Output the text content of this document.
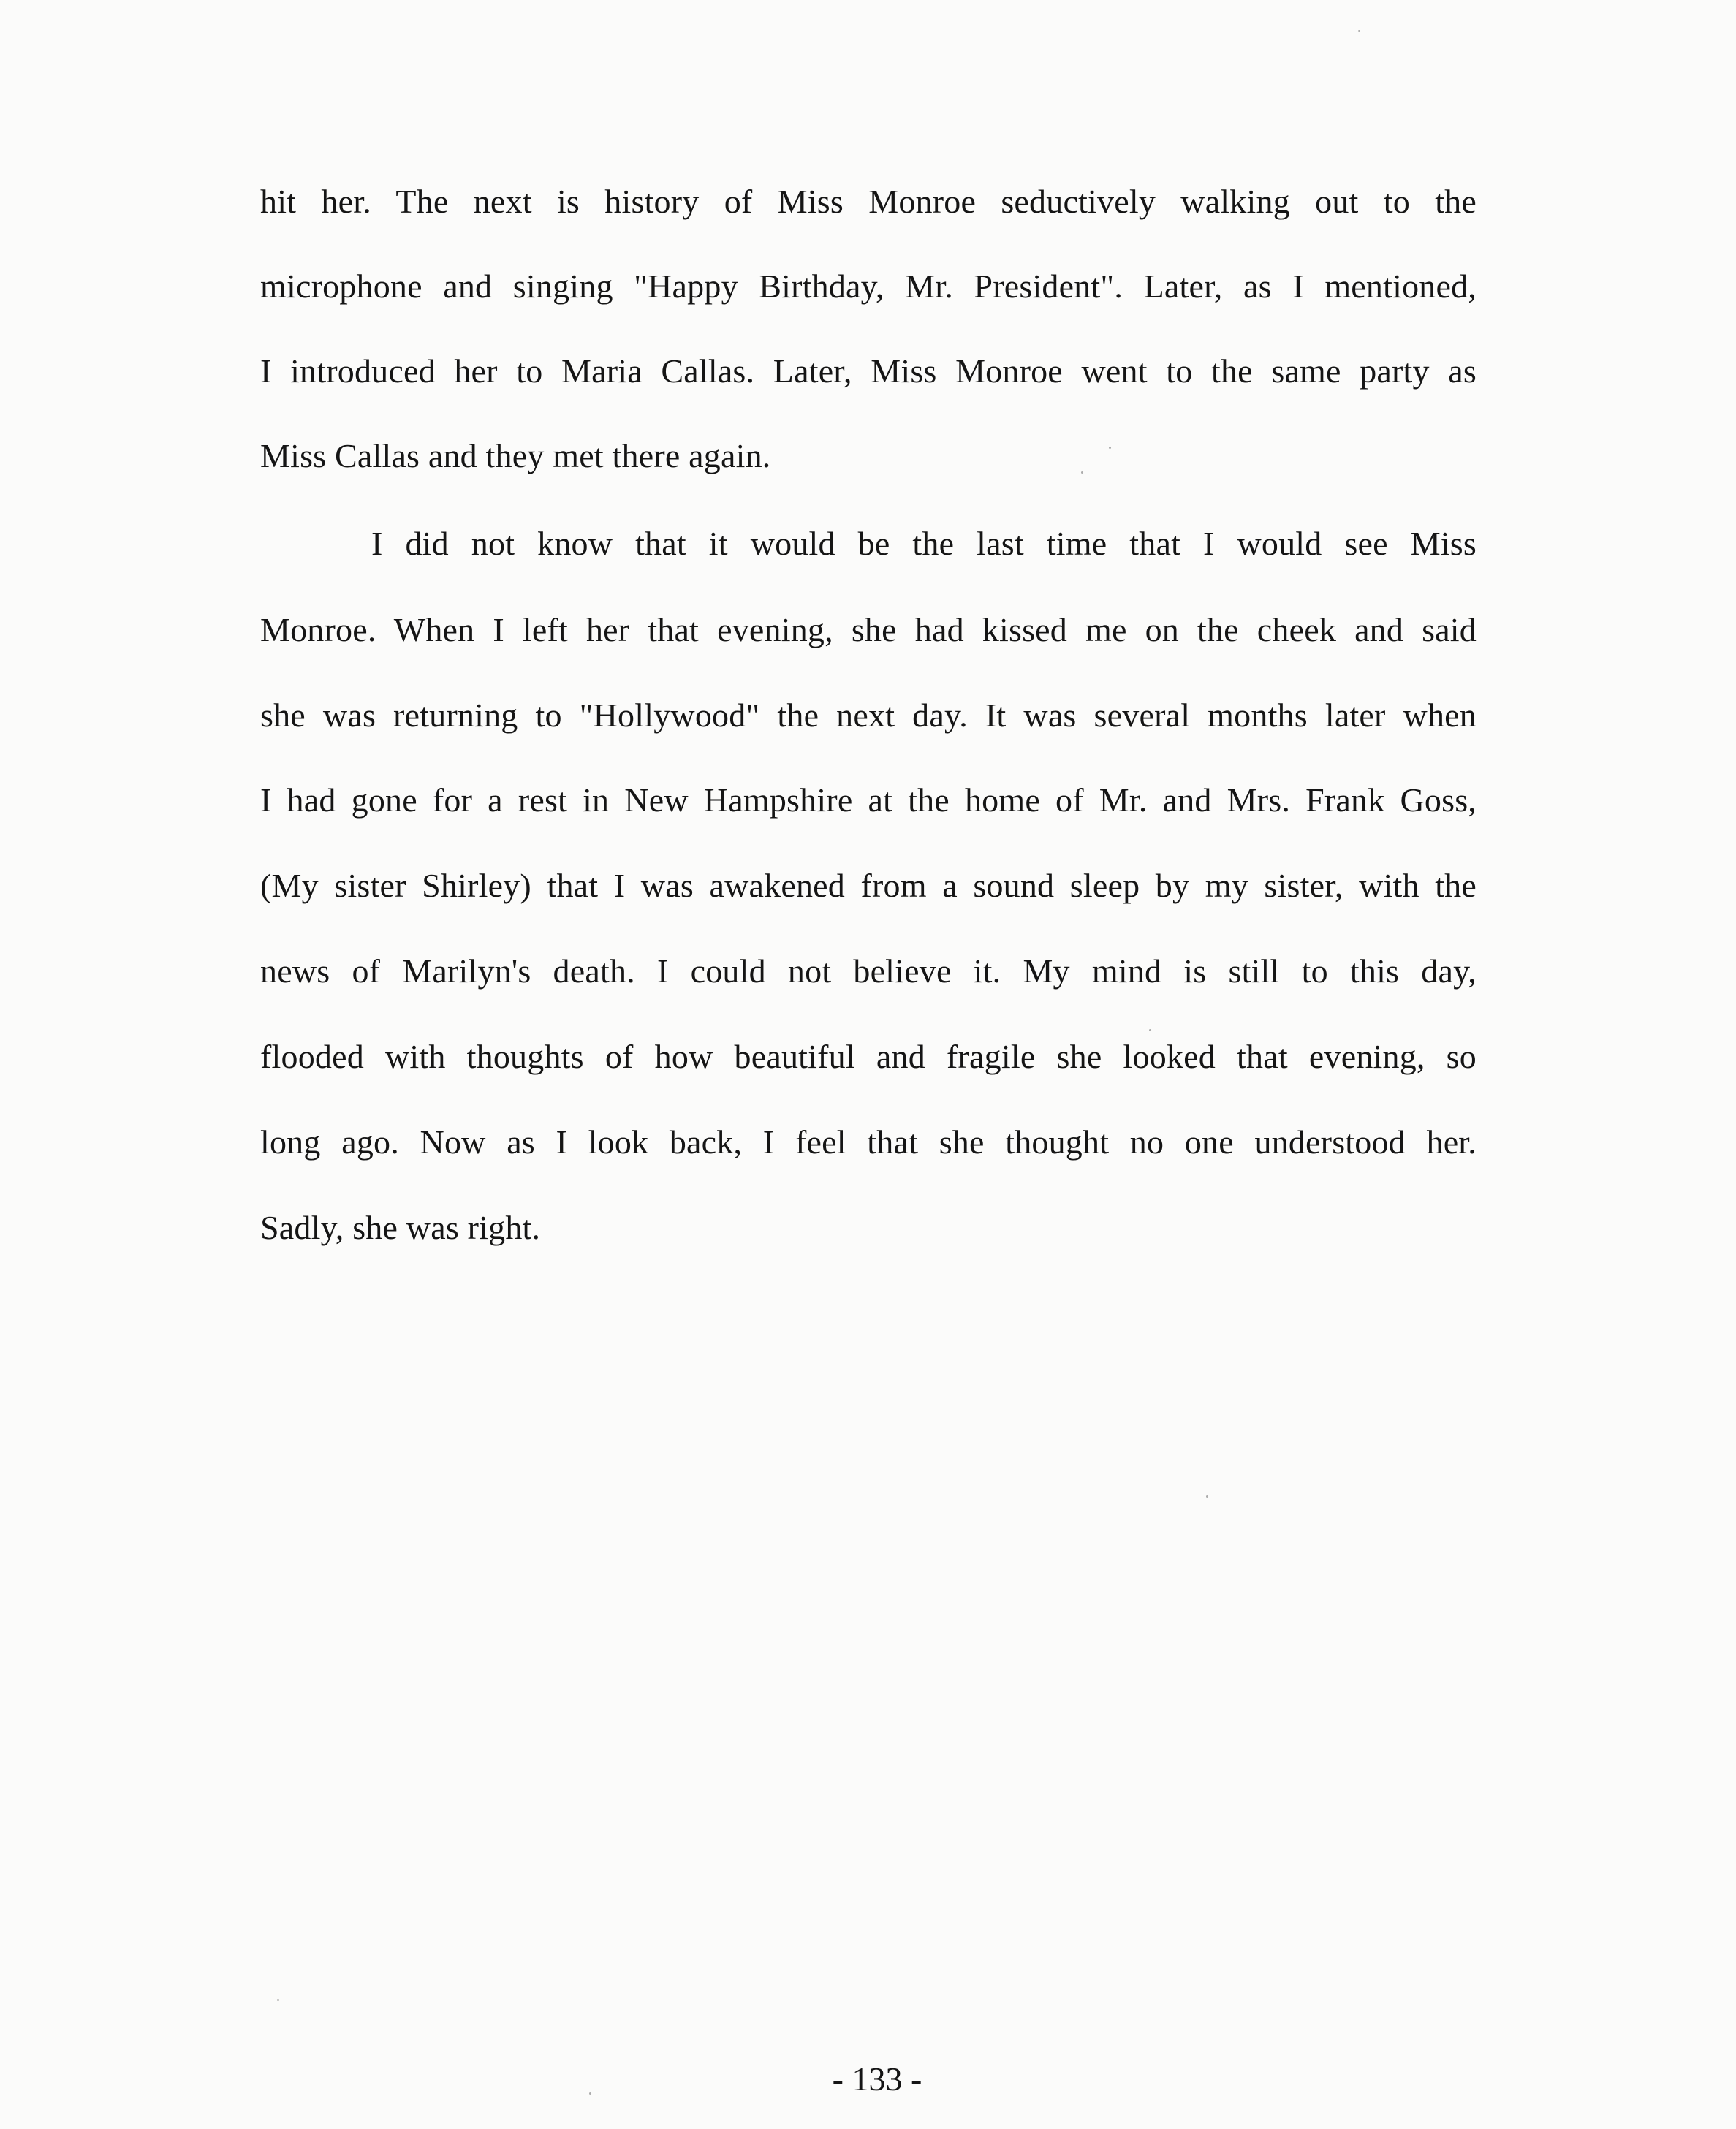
hit her. The next is history of Miss Monroe seductively walking out to the
microphone and singing "Happy Birthday, Mr. President". Later, as I mentioned,
I introduced her to Maria Callas. Later, Miss Monroe went to the same party as
Miss Callas and they met there again.
I did not know that it would be the last time that I would see Miss
Monroe. When I left her that evening, she had kissed me on the cheek and said
she was returning to "Hollywood" the next day. It was several months later when
I had gone for a rest in New Hampshire at the home of Mr. and Mrs. Frank Goss,
(My sister Shirley) that I was awakened from a sound sleep by my sister, with the
news of Marilyn's death. I could not believe it. My mind is still to this day,
flooded with thoughts of how beautiful and fragile she looked that evening, so
long ago. Now as I look back, I feel that she thought no one understood her.
Sadly, she was right.
- 133 -
